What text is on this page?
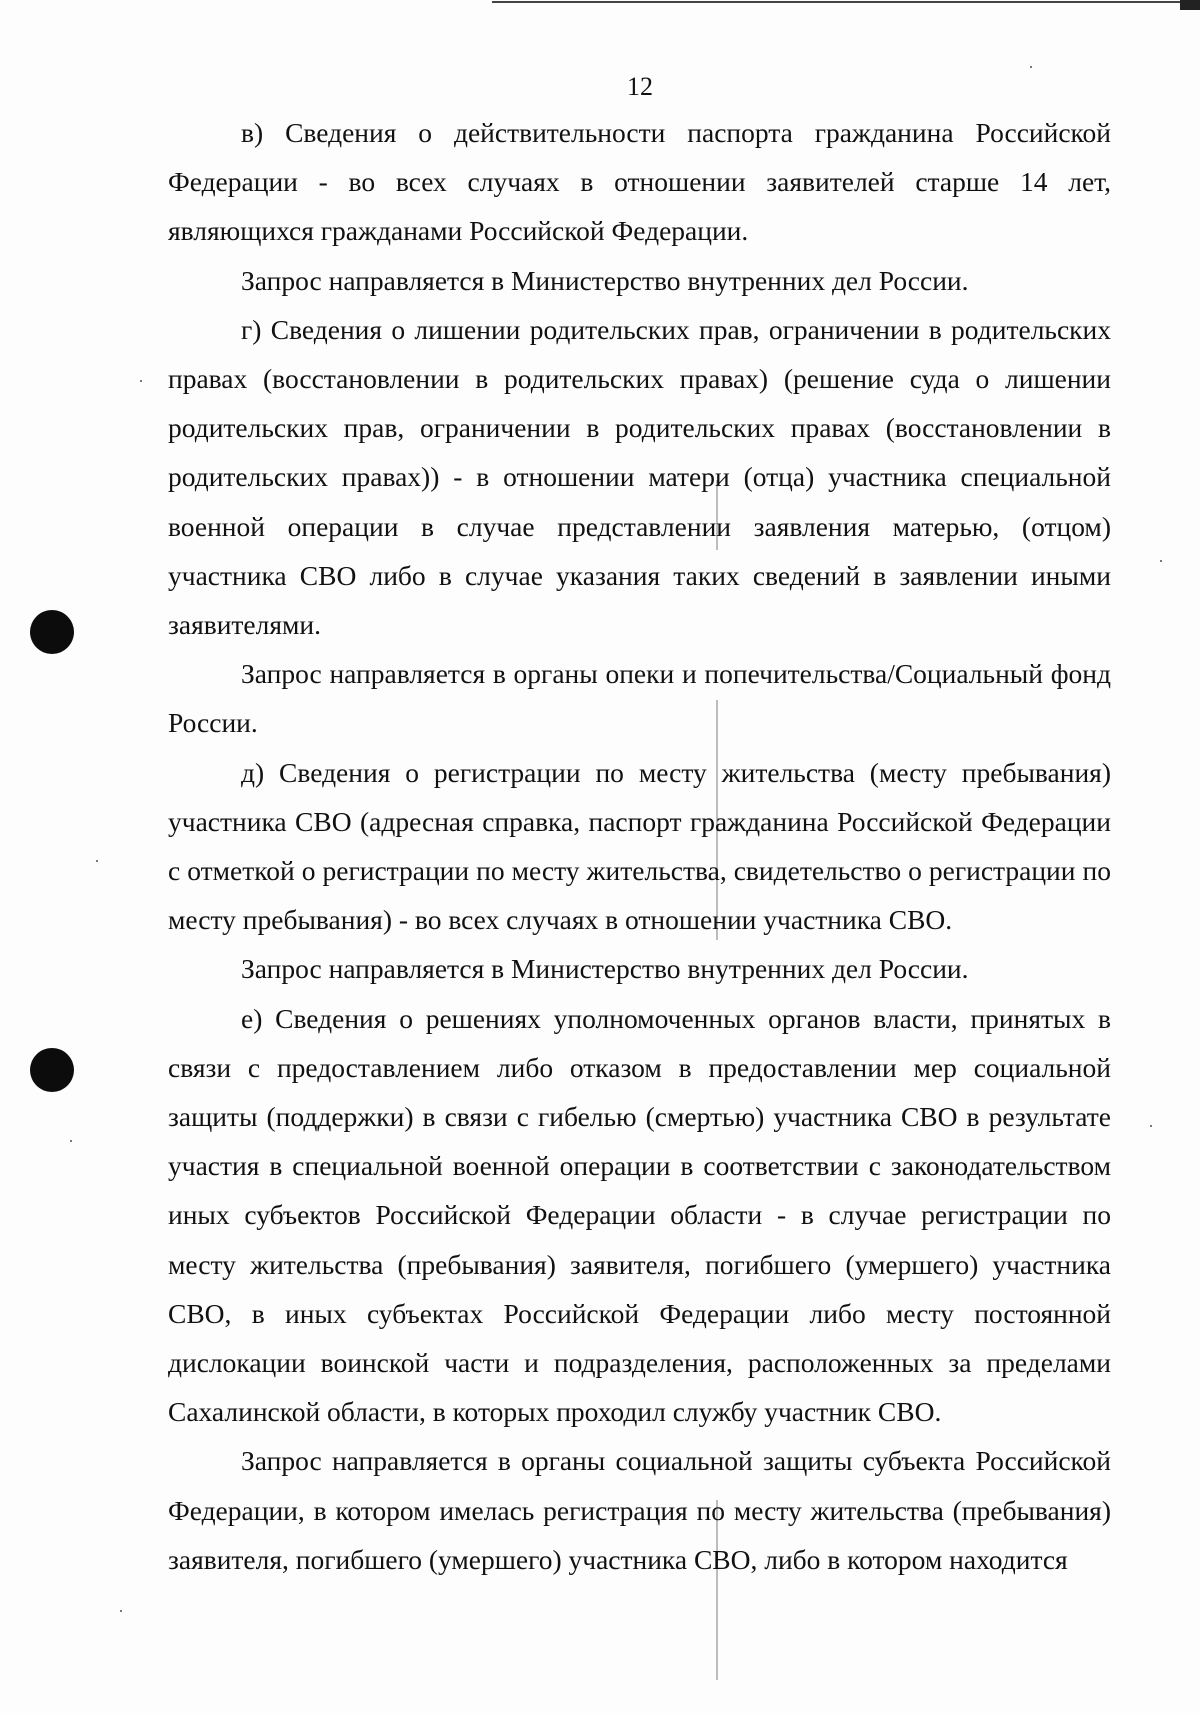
12

в) Сведения о действительности паспорта гражданина Российской Федерации - во всех случаях в отношении заявителей старше 14 лет, являющихся гражданами Российской Федерации.

Запрос направляется в Министерство внутренних дел России.

г) Сведения о лишении родительских прав, ограничении в родительских правах (восстановлении в родительских правах) (решение суда о лишении родительских прав, ограничении в родительских правах (восстановлении в родительских правах)) - в отношении матери (отца) участника специальной военной операции в случае представлении заявления матерью, (отцом) участника СВО либо в случае указания таких сведений в заявлении иными заявителями.

Запрос направляется в органы опеки и попечительства/Социальный фонд России.

д) Сведения о регистрации по месту жительства (месту пребывания) участника СВО (адресная справка, паспорт гражданина Российской Федерации с отметкой о регистрации по месту жительства, свидетельство о регистрации по месту пребывания) - во всех случаях в отношении участника СВО.

Запрос направляется в Министерство внутренних дел России.

е) Сведения о решениях уполномоченных органов власти, принятых в связи с предоставлением либо отказом в предоставлении мер социальной защиты (поддержки) в связи с гибелью (смертью) участника СВО в результате участия в специальной военной операции в соответствии с законодательством иных субъектов Российской Федерации области - в случае регистрации по месту жительства (пребывания) заявителя, погибшего (умершего) участника СВО, в иных субъектах Российской Федерации либо месту постоянной дислокации воинской части и подразделения, расположенных за пределами Сахалинской области, в которых проходил службу участник СВО.

Запрос направляется в органы социальной защиты субъекта Российской Федерации, в котором имелась регистрация по месту жительства (пребывания) заявителя, погибшего (умершего) участника СВО, либо в котором находится
